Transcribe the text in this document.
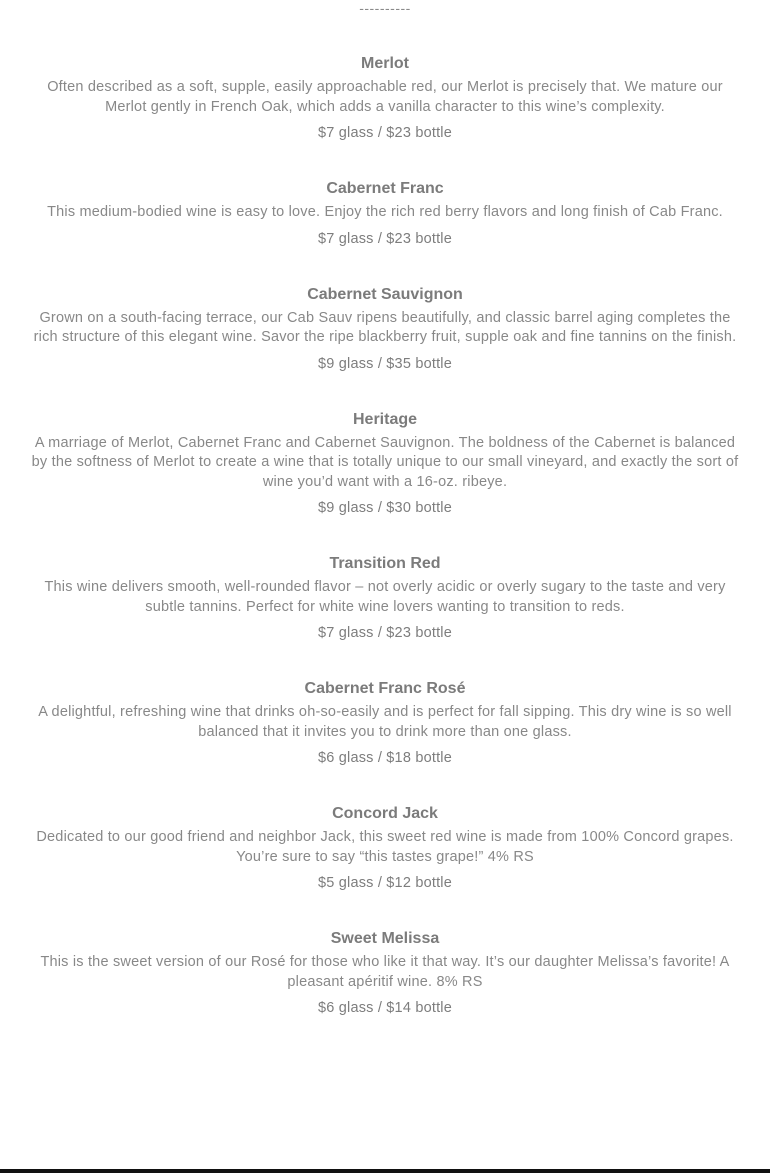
----------
Merlot
Often described as a soft, supple, easily approachable red, our Merlot is precisely that. We mature our Merlot gently in French Oak, which adds a vanilla character to this wine’s complexity.
$7 glass / $23 bottle
Cabernet Franc
This medium-bodied wine is easy to love. Enjoy the rich red berry flavors and long finish of Cab Franc.
$7 glass / $23 bottle
Cabernet Sauvignon
Grown on a south-facing terrace, our Cab Sauv ripens beautifully, and classic barrel aging completes the rich structure of this elegant wine. Savor the ripe blackberry fruit, supple oak and fine tannins on the finish.
$9 glass / $35 bottle
Heritage
A marriage of Merlot, Cabernet Franc and Cabernet Sauvignon. The boldness of the Cabernet is balanced by the softness of Merlot to create a wine that is totally unique to our small vineyard, and exactly the sort of wine you’d want with a 16-oz. ribeye.
$9 glass / $30 bottle
Transition Red
This wine delivers smooth, well-rounded flavor – not overly acidic or overly sugary to the taste and very subtle tannins. Perfect for white wine lovers wanting to transition to reds.
$7 glass / $23 bottle
Cabernet Franc Rosé
A delightful, refreshing wine that drinks oh-so-easily and is perfect for fall sipping. This dry wine is so well balanced that it invites you to drink more than one glass.
$6 glass / $18 bottle
Concord Jack
Dedicated to our good friend and neighbor Jack, this sweet red wine is made from 100% Concord grapes. You’re sure to say “this tastes grape!” 4% RS
$5 glass / $12 bottle
Sweet Melissa
This is the sweet version of our Rosé for those who like it that way. It’s our daughter Melissa’s favorite! A pleasant apéritif wine. 8% RS
$6 glass / $14 bottle
